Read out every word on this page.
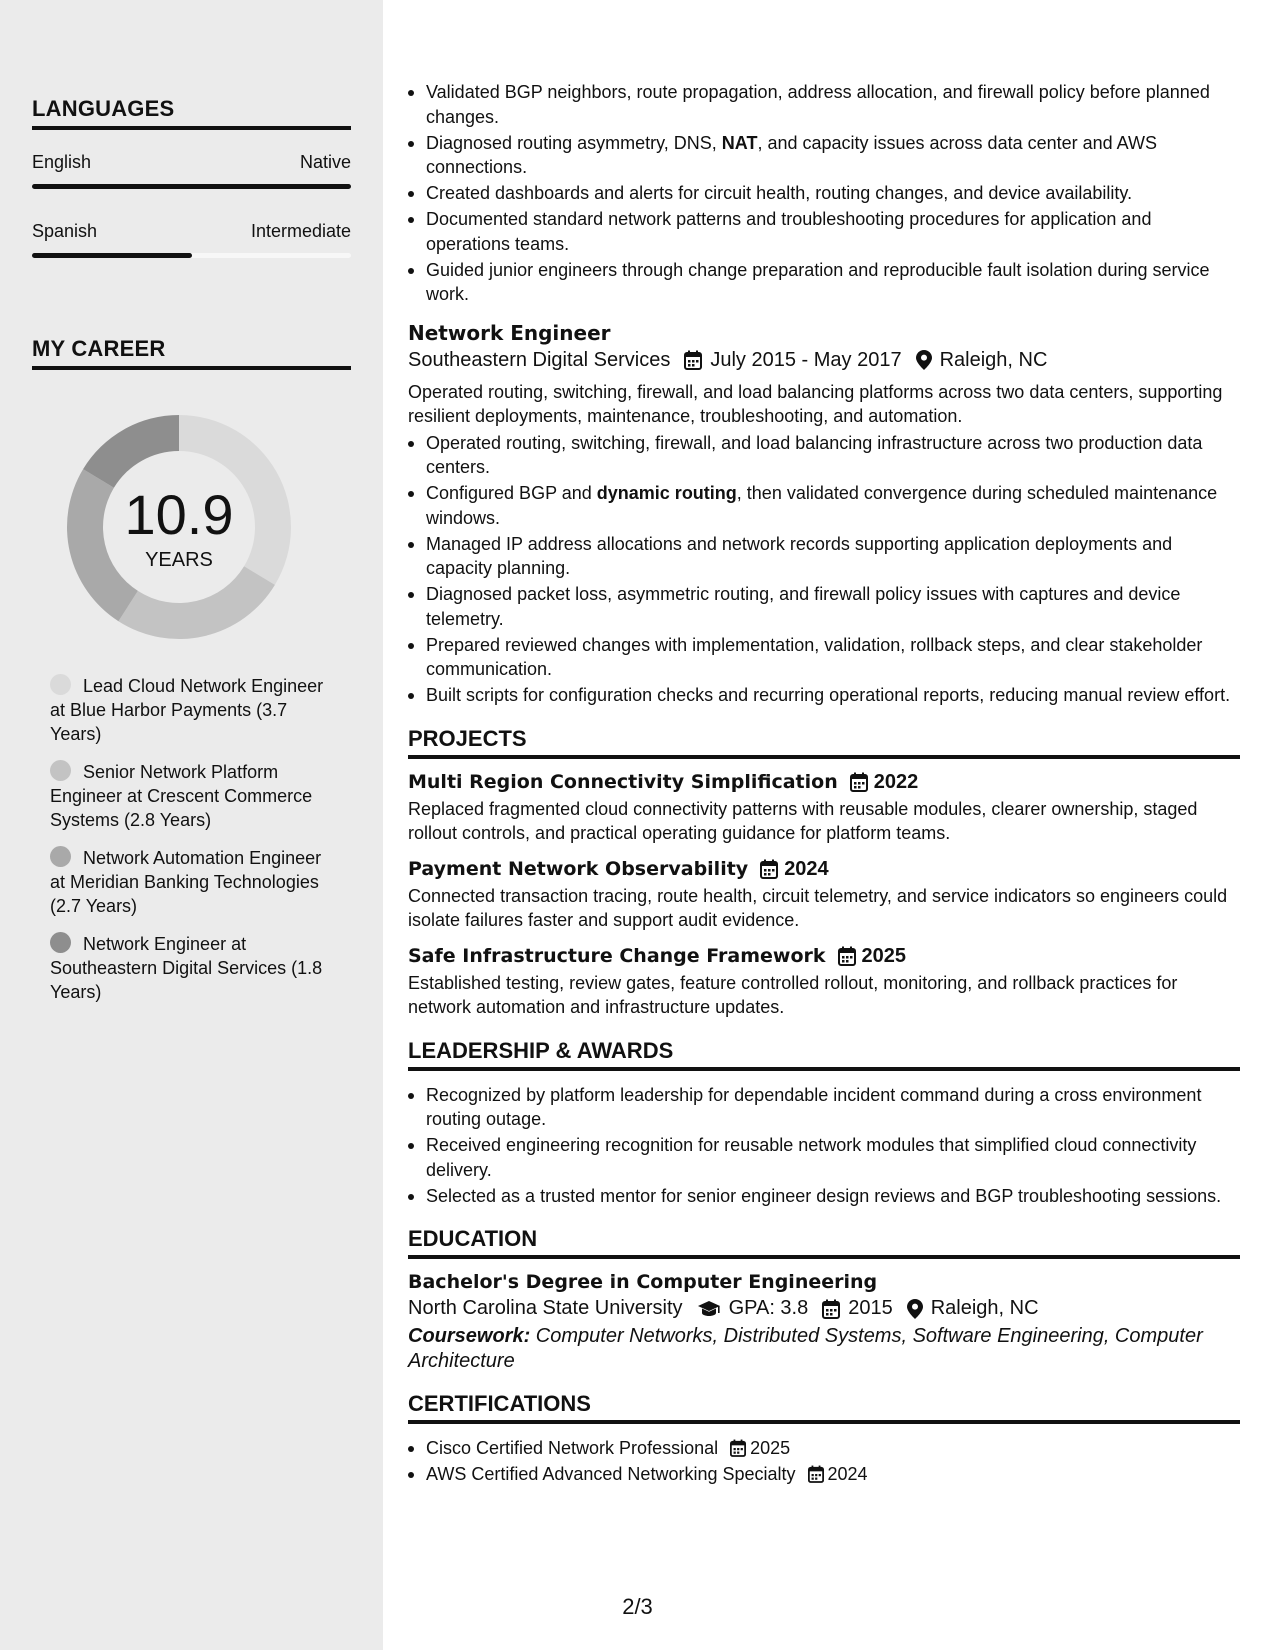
LANGUAGES
English	Native
Spanish	Intermediate
MY CAREER
10.9
YEARS
Lead Cloud Network Engineer at Blue Harbor Payments (3.7 Years)
Senior Network Platform Engineer at Crescent Commerce Systems (2.8 Years)
Network Automation Engineer at Meridian Banking Technologies (2.7 Years)
Network Engineer at Southeastern Digital Services (1.8 Years)
Validated BGP neighbors, route propagation, address allocation, and firewall policy before planned changes.
Diagnosed routing asymmetry, DNS, NAT, and capacity issues across data center and AWS connections.
Created dashboards and alerts for circuit health, routing changes, and device availability.
Documented standard network patterns and troubleshooting procedures for application and operations teams.
Guided junior engineers through change preparation and reproducible fault isolation during service work.
Network Engineer
Southeastern Digital Services July 2015 - May 2017 Raleigh, NC
Operated routing, switching, firewall, and load balancing platforms across two data centers, supporting resilient deployments, maintenance, troubleshooting, and automation.
Operated routing, switching, firewall, and load balancing infrastructure across two production data centers.
Configured BGP and dynamic routing, then validated convergence during scheduled maintenance windows.
Managed IP address allocations and network records supporting application deployments and capacity planning.
Diagnosed packet loss, asymmetric routing, and firewall policy issues with captures and device telemetry.
Prepared reviewed changes with implementation, validation, rollback steps, and clear stakeholder communication.
Built scripts for configuration checks and recurring operational reports, reducing manual review effort.
PROJECTS
Multi Region Connectivity Simplification 2022
Replaced fragmented cloud connectivity patterns with reusable modules, clearer ownership, staged rollout controls, and practical operating guidance for platform teams.
Payment Network Observability 2024
Connected transaction tracing, route health, circuit telemetry, and service indicators so engineers could isolate failures faster and support audit evidence.
Safe Infrastructure Change Framework 2025
Established testing, review gates, feature controlled rollout, monitoring, and rollback practices for network automation and infrastructure updates.
LEADERSHIP & AWARDS
Recognized by platform leadership for dependable incident command during a cross environment routing outage.
Received engineering recognition for reusable network modules that simplified cloud connectivity delivery.
Selected as a trusted mentor for senior engineer design reviews and BGP troubleshooting sessions.
EDUCATION
Bachelor's Degree in Computer Engineering
North Carolina State University GPA: 3.8 2015 Raleigh, NC
Coursework: Computer Networks, Distributed Systems, Software Engineering, Computer Architecture
CERTIFICATIONS
Cisco Certified Network Professional 2025
AWS Certified Advanced Networking Specialty 2024
2/3
